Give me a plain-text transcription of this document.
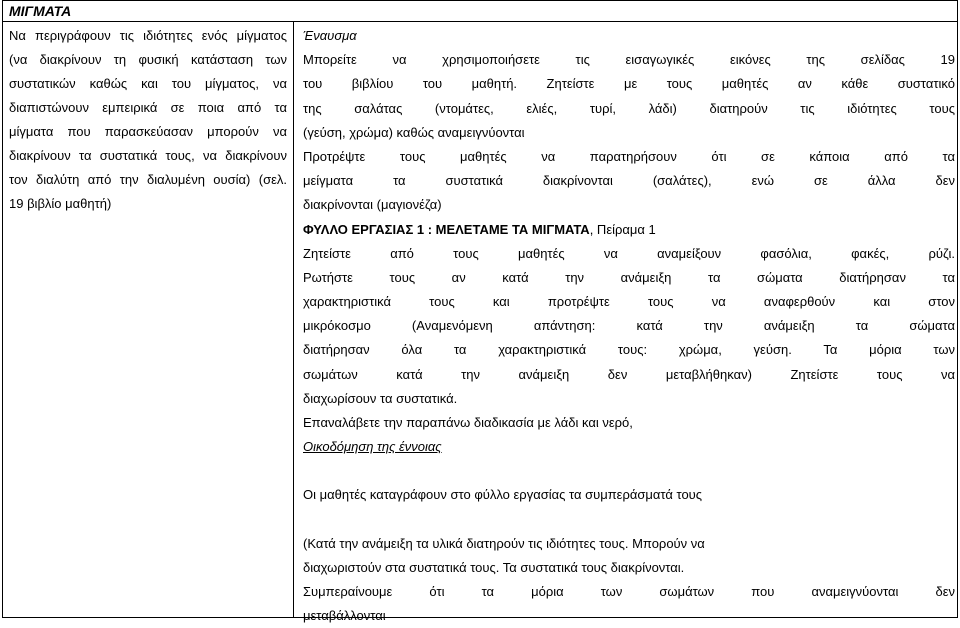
ΜΙΓΜΑΤΑ
Να περιγράφουν τις ιδιότητες ενός μίγματος
(να διακρίνουν τη φυσική κατάσταση των
συστατικών καθώς και του μίγματος, να
διαπιστώνουν εμπειρικά σε ποια από τα
μίγματα που παρασκεύασαν μπορούν να
διακρίνουν τα συστατικά τους, να διακρίνουν
τον διαλύτη από την διαλυμένη ουσία) (σελ.
19 βιβλίο μαθητή)
Έναυσμα
Μπορείτε να χρησιμοποιήσετε τις εισαγωγικές εικόνες της σελίδας 19
του βιβλίου του μαθητή. Ζητείστε με τους μαθητές αν κάθε συστατικό
της σαλάτας (ντομάτες, ελιές, τυρί, λάδι) διατηρούν τις ιδιότητες τους
(γεύση, χρώμα) καθώς αναμειγνύονται
Προτρέψτε τους μαθητές να παρατηρήσουν ότι σε κάποια από τα
μείγματα τα συστατικά διακρίνονται (σαλάτες), ενώ σε άλλα δεν
διακρίνονται (μαγιονέζα)
ΦΥΛΛΟ ΕΡΓΑΣΙΑΣ 1 : ΜΕΛΕΤΑΜΕ ΤΑ ΜΙΓΜΑΤΑ, Πείραμα 1
Ζητείστε από τους μαθητές να αναμείξουν φασόλια, φακές, ρύζι.
Ρωτήστε τους αν κατά την ανάμειξη τα σώματα διατήρησαν τα
χαρακτηριστικά τους και προτρέψτε τους να αναφερθούν και στον
μικρόκοσμο (Αναμενόμενη απάντηση: κατά την ανάμειξη τα σώματα
διατήρησαν όλα τα χαρακτηριστικά τους: χρώμα, γεύση. Τα μόρια των
σωμάτων κατά την ανάμειξη δεν μεταβλήθηκαν) Ζητείστε τους να
διαχωρίσουν τα συστατικά.
Επαναλάβετε την παραπάνω διαδικασία με λάδι και νερό,
Οικοδόμηση της έννοιας
Οι μαθητές καταγράφουν στο φύλλο εργασίας τα συμπεράσματά τους
(Κατά την ανάμειξη τα υλικά διατηρούν τις ιδιότητες τους. Μπορούν να
διαχωριστούν στα συστατικά τους. Τα συστατικά τους διακρίνονται.
Συμπεραίνουμε ότι τα μόρια των σωμάτων που αναμειγνύονται δεν
μεταβάλλονται
